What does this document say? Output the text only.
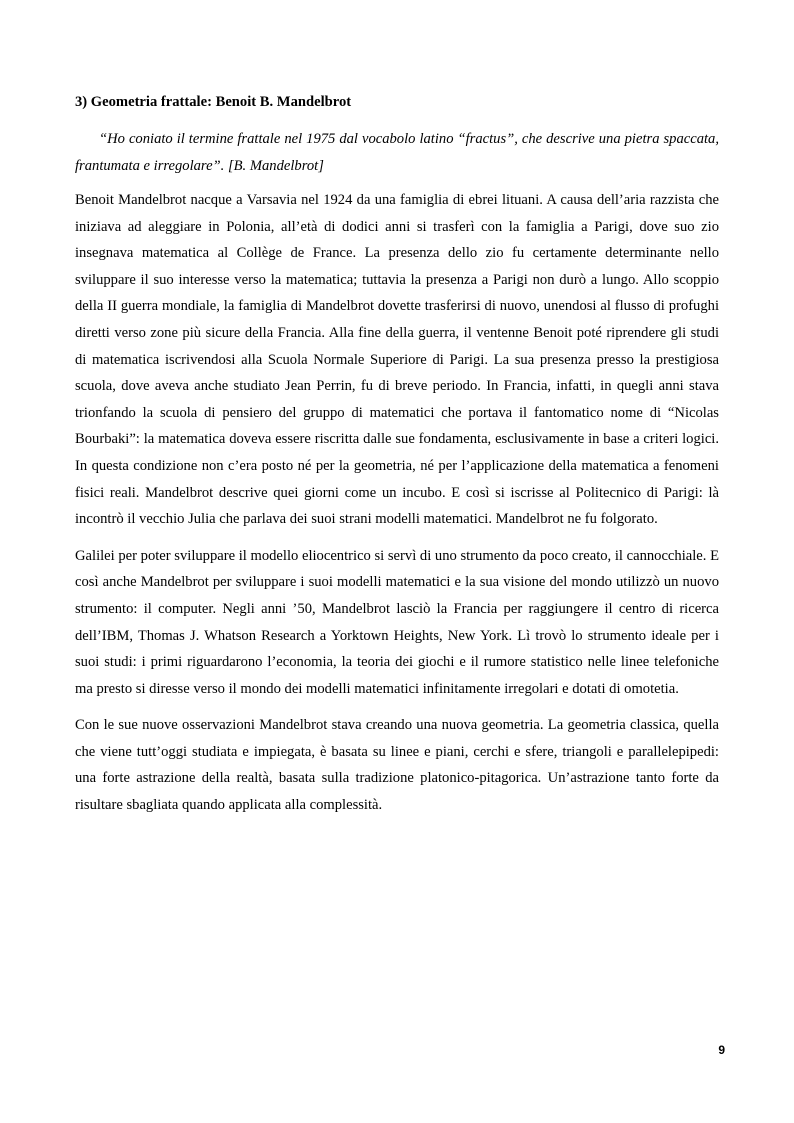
3) Geometria frattale: Benoit B. Mandelbrot

“Ho coniato il termine frattale nel 1975 dal vocabolo latino “fractus”, che descrive una pietra spaccata, frantumata e irregolare”. [B. Mandelbrot]

Benoit Mandelbrot nacque a Varsavia nel 1924 da una famiglia di ebrei lituani. A causa dell’aria razzista che iniziava ad aleggiare in Polonia, all’età di dodici anni si trasferì con la famiglia a Parigi, dove suo zio insegnava matematica al Collège de France. La presenza dello zio fu certamente determinante nello sviluppare il suo interesse verso la matematica; tuttavia la presenza a Parigi non durò a lungo. Allo scoppio della II guerra mondiale, la famiglia di Mandelbrot dovette trasferirsi di nuovo, unendosi al flusso di profughi diretti verso zone più sicure della Francia. Alla fine della guerra, il ventenne Benoit poté riprendere gli studi di matematica iscrivendosi alla Scuola Normale Superiore di Parigi. La sua presenza presso la prestigiosa scuola, dove aveva anche studiato Jean Perrin, fu di breve periodo. In Francia, infatti, in quegli anni stava trionfando la scuola di pensiero del gruppo di matematici che portava il fantomatico nome di “Nicolas Bourbaki”: la matematica doveva essere riscritta dalle sue fondamenta, esclusivamente in base a criteri logici. In questa condizione non c’era posto né per la geometria, né per l’applicazione della matematica a fenomeni fisici reali. Mandelbrot descrive quei giorni come un incubo. E così si iscrisse al Politecnico di Parigi: là incontrò il vecchio Julia che parlava dei suoi strani modelli matematici. Mandelbrot ne fu folgorato.

Galilei per poter sviluppare il modello eliocentrico si servì di uno strumento da poco creato, il cannocchiale. E così anche Mandelbrot per sviluppare i suoi modelli matematici e la sua visione del mondo utilizzò un nuovo strumento: il computer. Negli anni ’50, Mandelbrot lasciò la Francia per raggiungere il centro di ricerca dell’IBM, Thomas J. Whatson Research a Yorktown Heights, New York. Lì trovò lo strumento ideale per i suoi studi: i primi riguardarono l’economia, la teoria dei giochi e il rumore statistico nelle linee telefoniche ma presto si diresse verso il mondo dei modelli matematici infinitamente irregolari e dotati di omotetia.

Con le sue nuove osservazioni Mandelbrot stava creando una nuova geometria. La geometria classica, quella che viene tutt’oggi studiata e impiegata, è basata su linee e piani, cerchi e sfere, triangoli e parallelepipedi: una forte astrazione della realtà, basata sulla tradizione platonico-pitagorica. Un’astrazione tanto forte da risultare sbagliata quando applicata alla complessità.

9
